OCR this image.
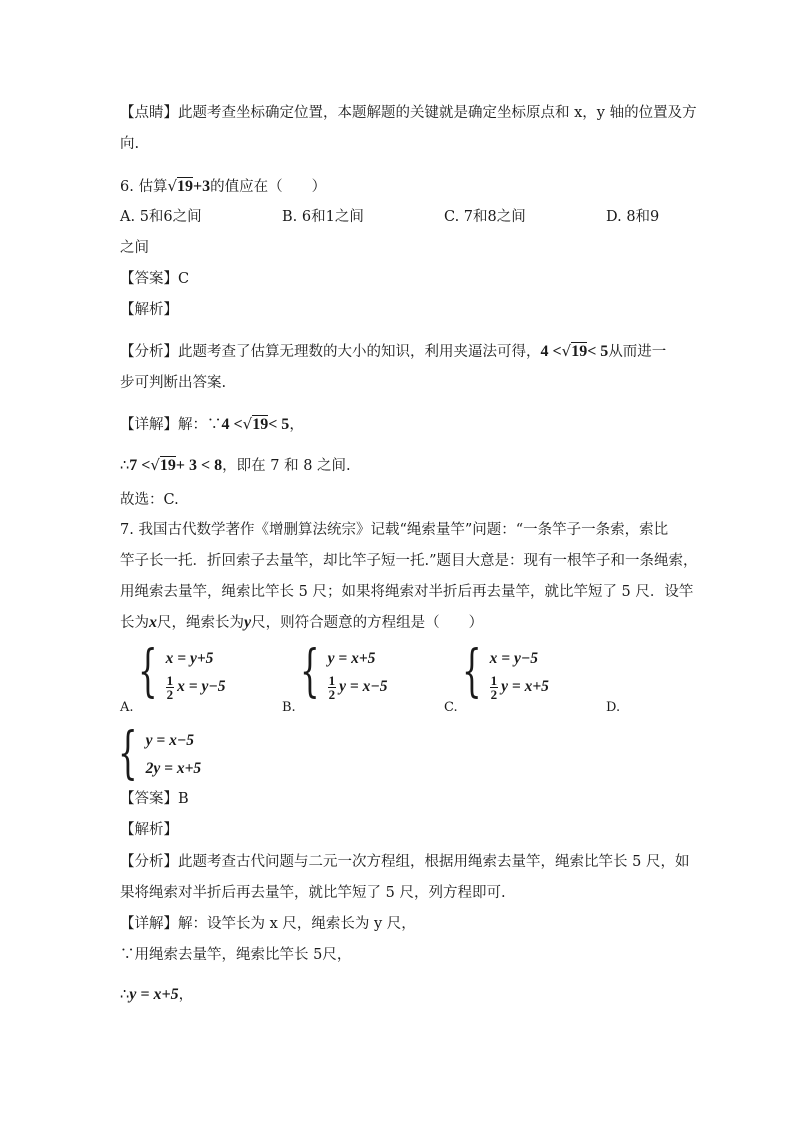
【点睛】此题考查坐标确定位置，本题解题的关键就是确定坐标原点和 x，y 轴的位置及方
向.
6. 估算√19+3的值应在（　　）
A. 5和6之间	B. 6和1之间	C. 7和8之间	D. 8和9
之间
【答案】C
【解析】
【分析】此题考查了估算无理数的大小的知识，利用夹逼法可得，4 <√19< 5从而进一
步可判断出答案.
【详解】解：∵4 <√19< 5，
∴7 <√19+ 3 < 8，即在 7 和 8 之间.
故选：C.
7. 我国古代数学著作《增删算法统宗》记载“绳索量竿”问题：“一条竿子一条索，索比
竿子长一托．折回索子去量竿，却比竿子短一托.”题目大意是：现有一根竿子和一条绳索，
用绳索去量竿，绳索比竿长 5 尺；如果将绳索对半折后再去量竿，就比竿短了 5 尺．设竿
长为x尺，绳索长为y尺，则符合题意的方程组是（　　）
A.
{ x = y+5
$\frac{1}{2}$ x = y−5
B.
{ y = x+5
$\frac{1}{2}$ y = x−5
C.
{ x = y−5
$\frac{1}{2}$ y = x+5
D.
{ y = x−5
2y = x+5
【答案】B
【解析】
【分析】此题考查古代问题与二元一次方程组，根据用绳索去量竿，绳索比竿长 5 尺，如
果将绳索对半折后再去量竿，就比竿短了 5 尺，列方程即可.
【详解】解：设竿长为 x 尺，绳索长为 y 尺，
∵用绳索去量竿，绳索比竿长 5尺，
∴y = x+5，
